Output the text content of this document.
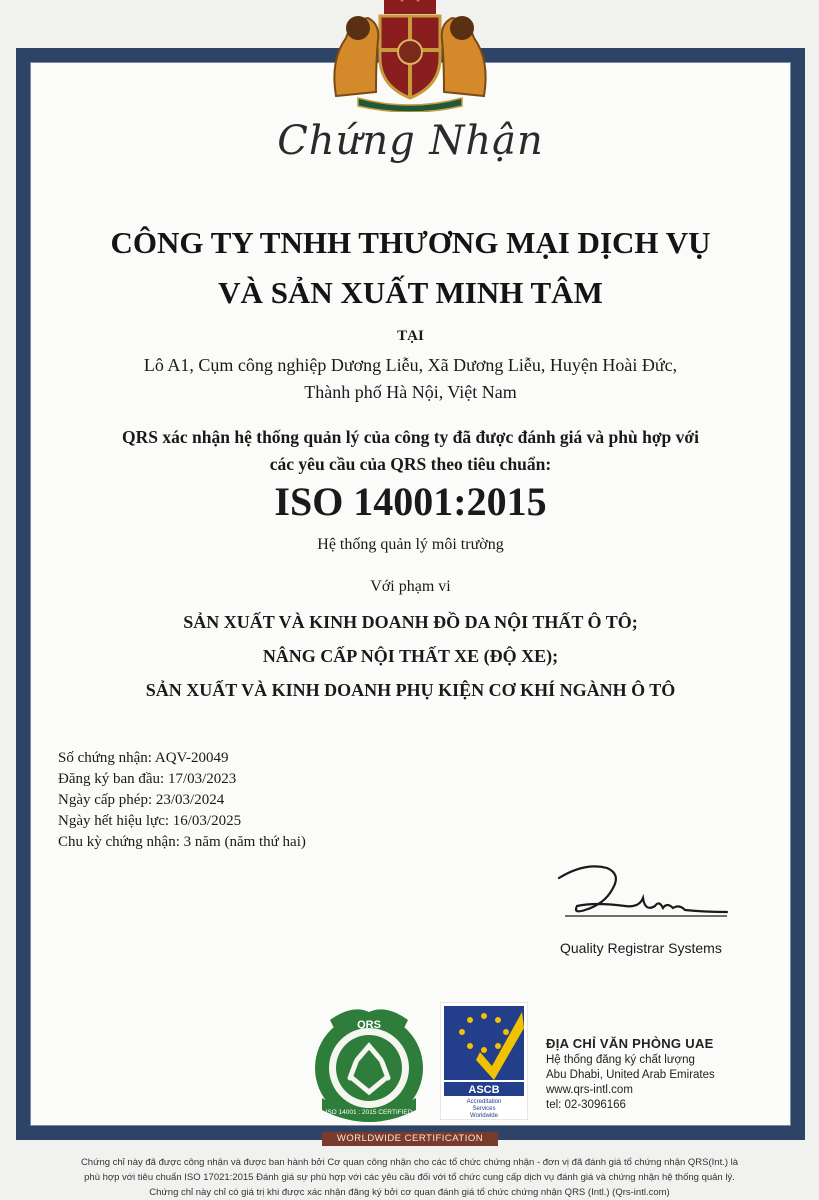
Chứng Nhận
CÔNG TY TNHH THƯƠNG MẠI DỊCH VỤ
VÀ SẢN XUẤT MINH TÂM
TẠI
Lô A1, Cụm công nghiệp Dương Liễu, Xã Dương Liễu, Huyện Hoài Đức,
Thành phố Hà Nội, Việt Nam
QRS xác nhận hệ thống quản lý của công ty đã được đánh giá và phù hợp với
các yêu cầu của QRS theo tiêu chuẩn:
ISO 14001:2015
Hệ thống quản lý môi trường
Với phạm vi
SẢN XUẤT VÀ KINH DOANH ĐỒ DA NỘI THẤT Ô TÔ;
NÂNG CẤP NỘI THẤT XE (ĐỘ XE);
SẢN XUẤT VÀ KINH DOANH PHỤ KIỆN CƠ KHÍ NGÀNH Ô TÔ
Số chứng nhận: AQV-20049
Đăng ký ban đầu: 17/03/2023
Ngày cấp phép: 23/03/2024
Ngày hết hiệu lực: 16/03/2025
Chu kỳ chứng nhận: 3 năm (năm thứ hai)
Quality Registrar Systems
QRS
ISO 14001 : 2015 CERTIFIED
ASCB
Accreditation
Services
Worldwide
ĐỊA CHỈ VĂN PHÒNG UAE
Hệ thống đăng ký chất lượng
Abu Dhabi, United Arab Emirates
www.qrs-intl.com
tel: 02-3096166
WORLDWIDE CERTIFICATION
Chứng chỉ này đã được công nhận và được ban hành bởi Cơ quan công nhận cho các tổ chức chứng nhận - đơn vị đã đánh giá tổ chứng nhận QRS(Int.) là
phù hợp với tiêu chuẩn ISO 17021:2015 Đánh giá sự phù hợp với các yêu cầu đối với tổ chức cung cấp dịch vụ đánh giá và chứng nhận hệ thống quản lý.
Chứng chỉ này chỉ có giá trị khi được xác nhận đăng ký bởi cơ quan đánh giá tổ chức chứng nhận QRS (Intl.) (Qrs-intl.com)
